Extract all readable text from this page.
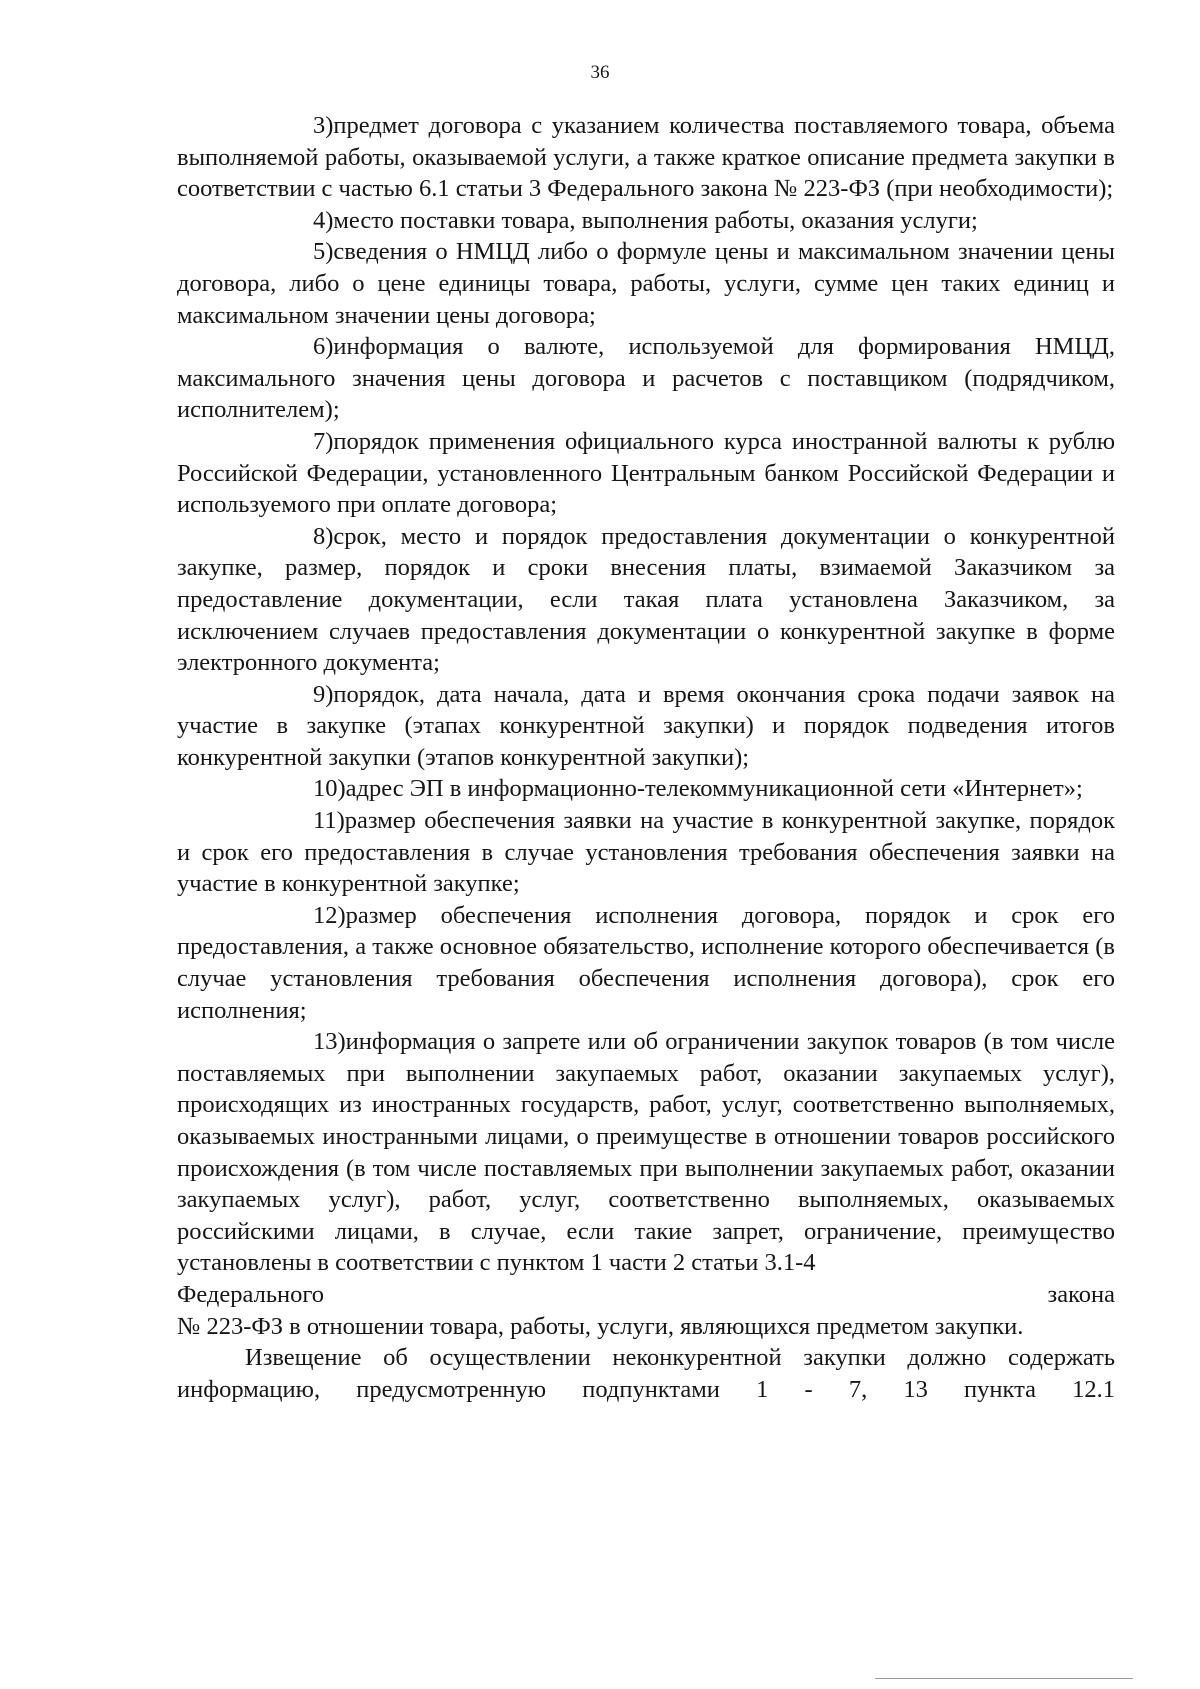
36

3)предмет договора с указанием количества поставляемого товара, объема выполняемой работы, оказываемой услуги, а также краткое описание предмета закупки в соответствии с частью 6.1 статьи 3 Федерального закона № 223-ФЗ (при необходимости);

4)место поставки товара, выполнения работы, оказания услуги;

5)сведения о НМЦД либо о формуле цены и максимальном значении цены договора, либо о цене единицы товара, работы, услуги, сумме цен таких единиц и максимальном значении цены договора;

6)информация о валюте, используемой для формирования НМЦД, максимального значения цены договора и расчетов с поставщиком (подрядчиком, исполнителем);

7)порядок применения официального курса иностранной валюты к рублю Российской Федерации, установленного Центральным банком Российской Федерации и используемого при оплате договора;

8)срок, место и порядок предоставления документации о конкурентной закупке, размер, порядок и сроки внесения платы, взимаемой Заказчиком за предоставление документации, если такая плата установлена Заказчиком, за исключением случаев предоставления документации о конкурентной закупке в форме электронного документа;

9)порядок, дата начала, дата и время окончания срока подачи заявок на участие в закупке (этапах конкурентной закупки) и порядок подведения итогов конкурентной закупки (этапов конкурентной закупки);

10)адрес ЭП в информационно-телекоммуникационной сети «Интернет»;

11)размер обеспечения заявки на участие в конкурентной закупке, порядок и срок его предоставления в случае установления требования обеспечения заявки на участие в конкурентной закупке;

12)размер обеспечения исполнения договора, порядок и срок его предоставления, а также основное обязательство, исполнение которого обеспечивается (в случае установления требования обеспечения исполнения договора), срок его исполнения;

13)информация о запрете или об ограничении закупок товаров (в том числе поставляемых при выполнении закупаемых работ, оказании закупаемых услуг), происходящих из иностранных государств, работ, услуг, соответственно выполняемых, оказываемых иностранными лицами, о преимуществе в отношении товаров российского происхождения (в том числе поставляемых при выполнении закупаемых работ, оказании закупаемых услуг), работ, услуг, соответственно выполняемых, оказываемых российскими лицами, в случае, если такие запрет, ограничение, преимущество установлены в соответствии с пунктом 1 части 2 статьи 3.1-4
Федерального закона
№ 223-ФЗ в отношении товара, работы, услуги, являющихся предметом закупки.

Извещение об осуществлении неконкурентной закупки должно содержать информацию, предусмотренную подпунктами 1 - 7, 13 пункта 12.1
